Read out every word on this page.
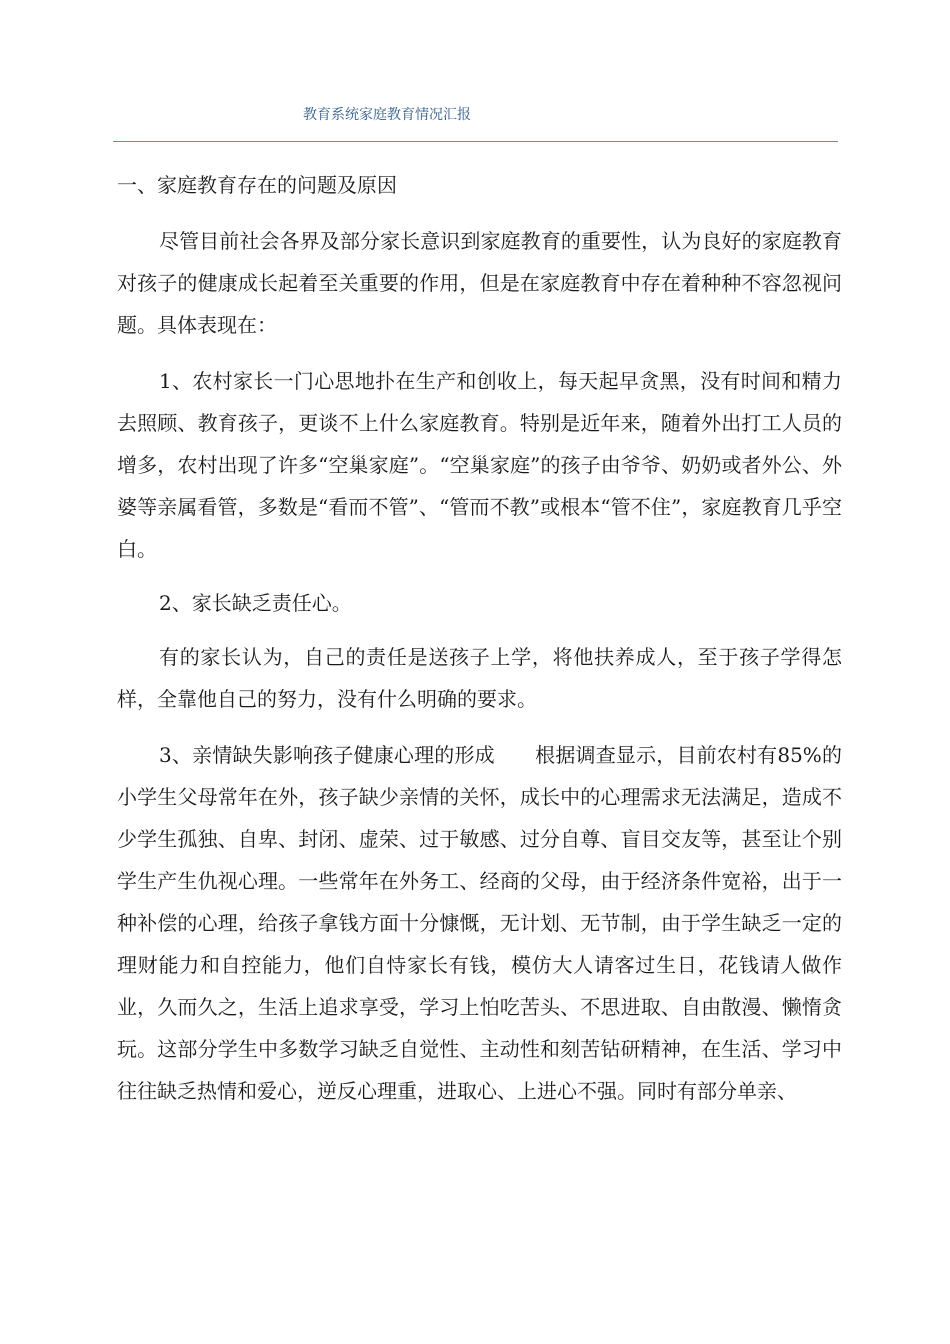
教育系统家庭教育情况汇报
一、家庭教育存在的问题及原因

尽管目前社会各界及部分家长意识到家庭教育的重要性，认为良好的家庭教育对孩子的健康成长起着至关重要的作用，但是在家庭教育中存在着种种不容忽视问题。具体表现在：

1、农村家长一门心思地扑在生产和创收上，每天起早贪黑，没有时间和精力去照顾、教育孩子，更谈不上什么家庭教育。特别是近年来，随着外出打工人员的增多，农村出现了许多“空巢家庭”。“空巢家庭”的孩子由爷爷、奶奶或者外公、外婆等亲属看管，多数是“看而不管”、“管而不教”或根本“管不住”，家庭教育几乎空白。

2、家长缺乏责任心。

有的家长认为，自己的责任是送孩子上学，将他扶养成人，至于孩子学得怎样，全靠他自己的努力，没有什么明确的要求。

3、亲情缺失影响孩子健康心理的形成　　根据调查显示，目前农村有85%的小学生父母常年在外，孩子缺少亲情的关怀，成长中的心理需求无法满足，造成不少学生孤独、自卑、封闭、虚荣、过于敏感、过分自尊、盲目交友等，甚至让个别学生产生仇视心理。一些常年在外务工、经商的父母，由于经济条件宽裕，出于一种补偿的心理，给孩子拿钱方面十分慷慨，无计划、无节制，由于学生缺乏一定的理财能力和自控能力，他们自恃家长有钱，模仿大人请客过生日，花钱请人做作业，久而久之，生活上追求享受，学习上怕吃苦头、不思进取、自由散漫、懒惰贪玩。这部分学生中多数学习缺乏自觉性、主动性和刻苦钻研精神，在生活、学习中往往缺乏热情和爱心，逆反心理重，进取心、上进心不强。同时有部分单亲、
